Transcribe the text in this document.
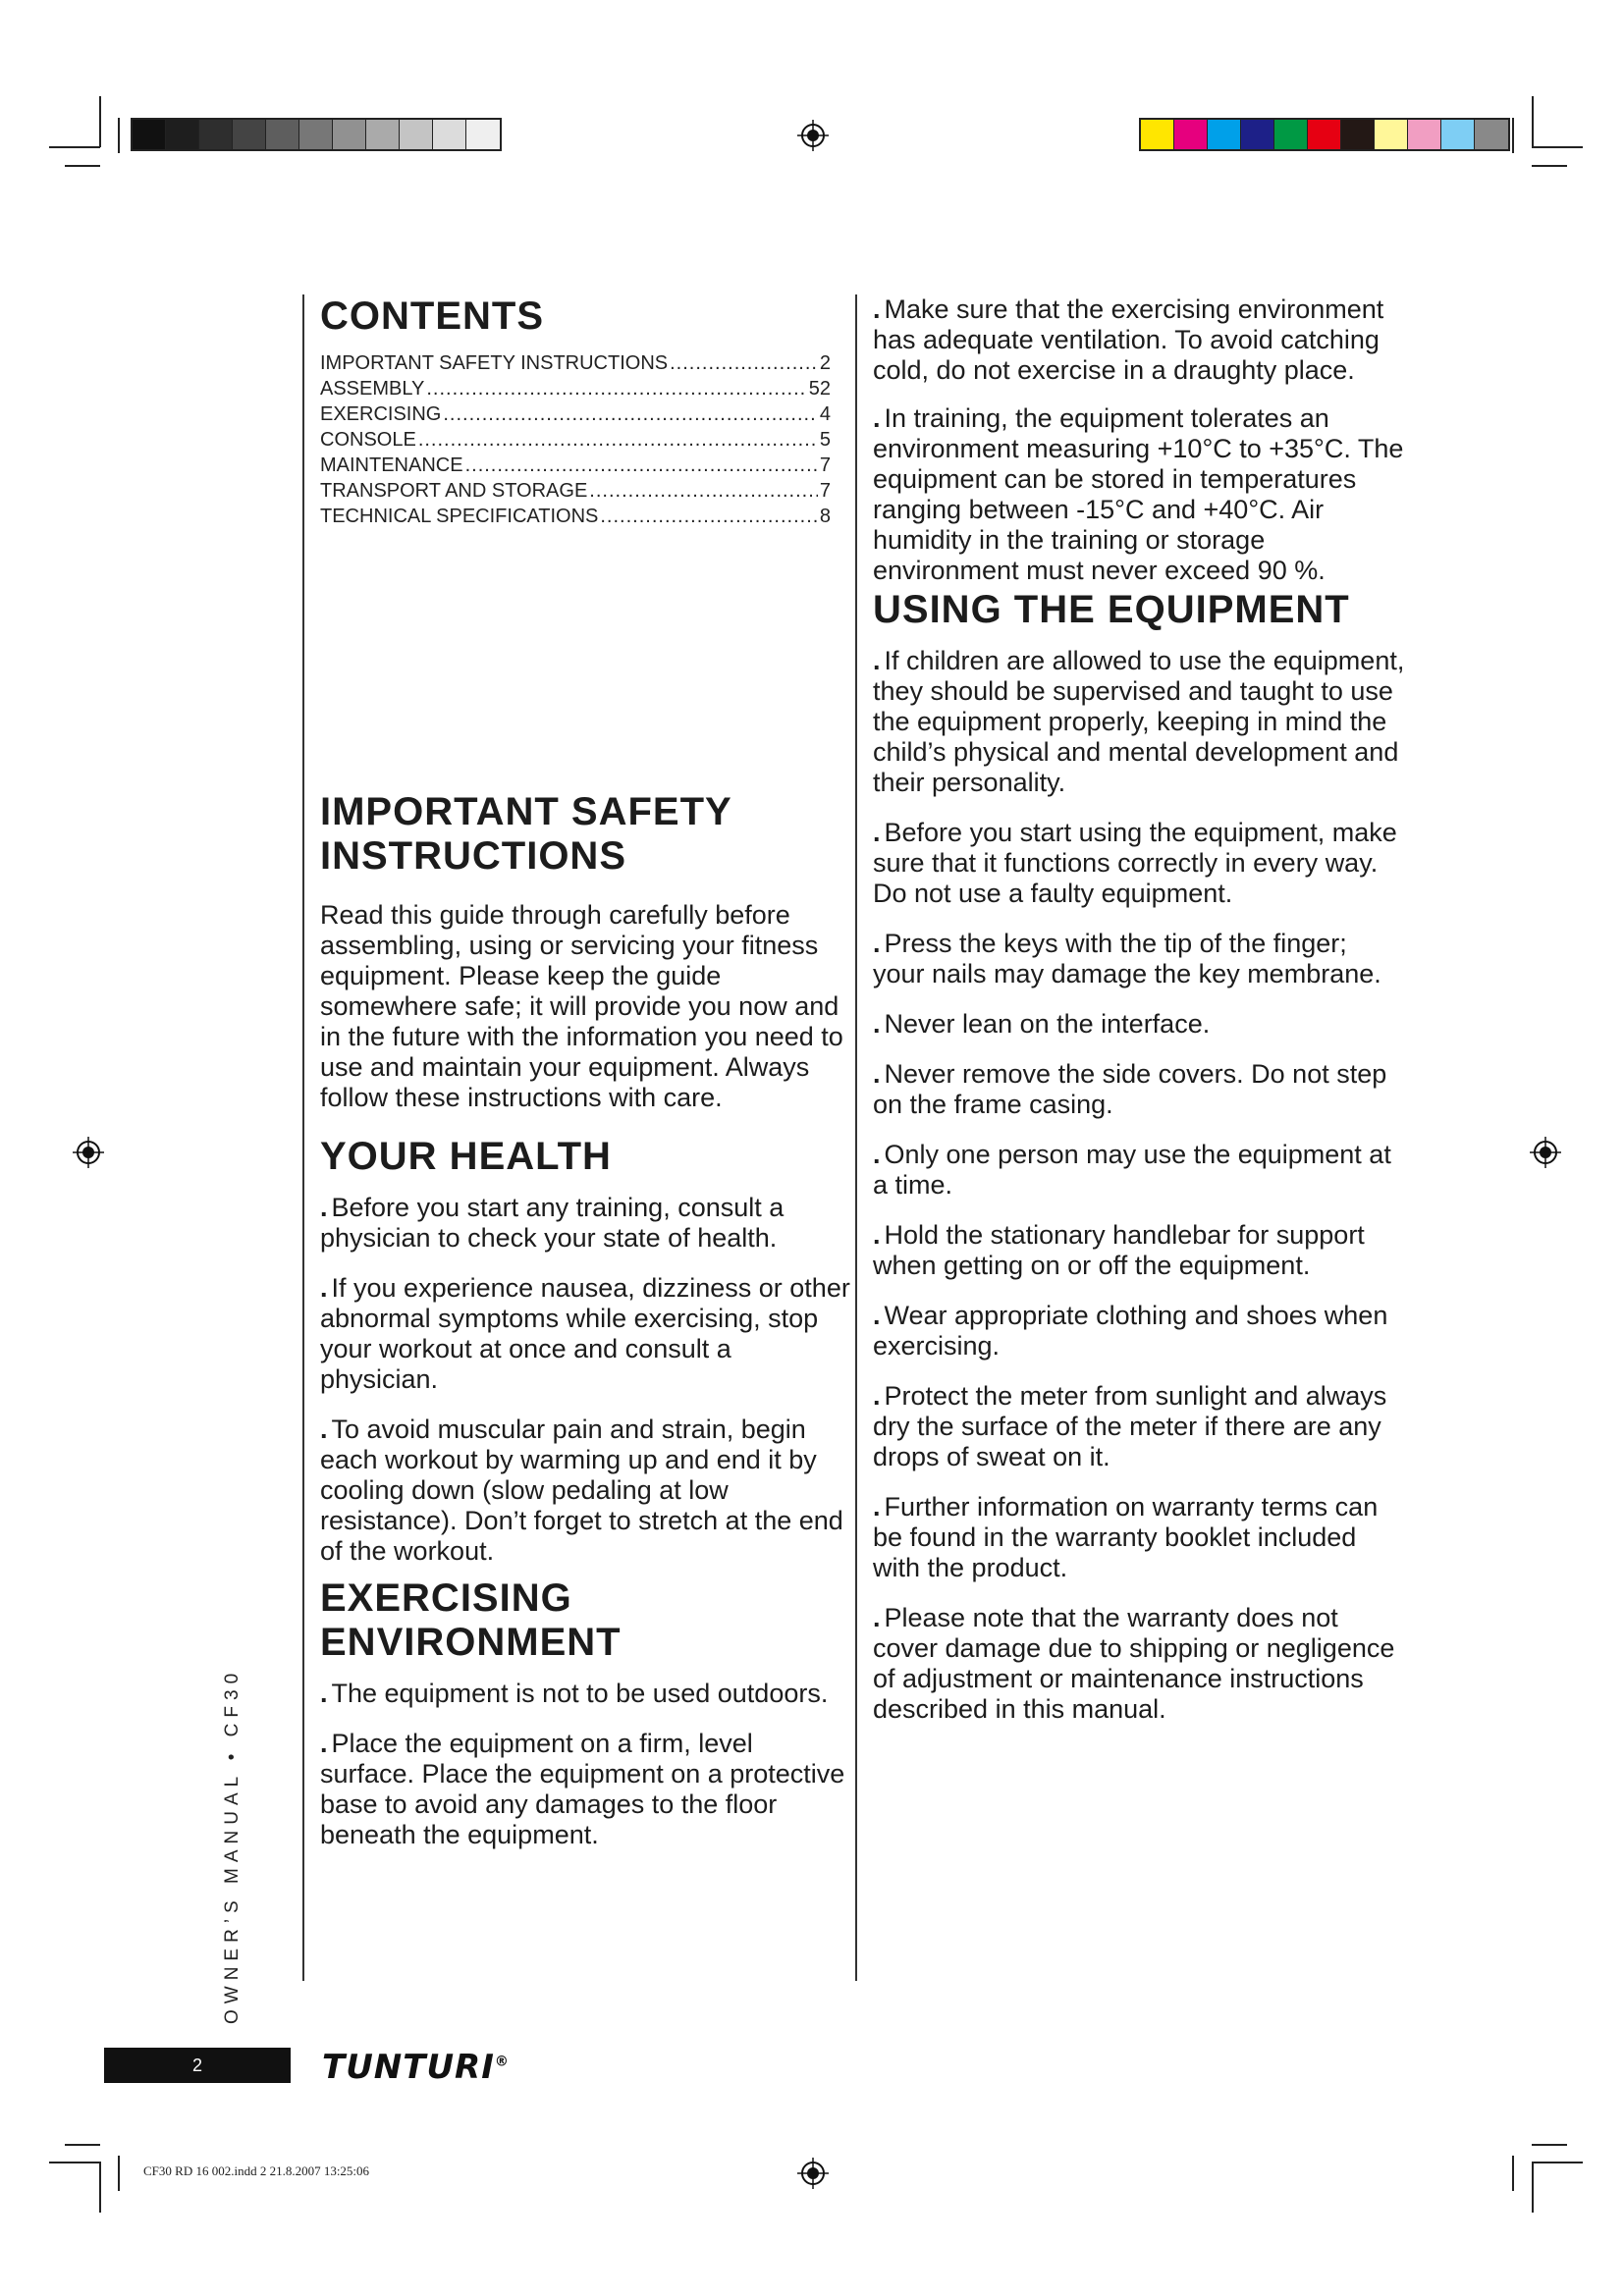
CONTENTS
IMPORTANT SAFETY INSTRUCTIONS .....	2
ASSEMBLY .....	52
EXERCISING .....	4
CONSOLE .....	5
MAINTENANCE .....	7
TRANSPORT AND STORAGE .....	7
TECHNICAL SPECIFICATIONS .....	8
IMPORTANT SAFETY
INSTRUCTIONS

Read this guide through carefully before assembling, using or servicing your fitness equipment. Please keep the guide somewhere safe; it will provide you now and in the future with the information you need to use and maintain your equipment. Always follow these instructions with care.

YOUR HEALTH

. Before you start any training, consult a physician to check your state of health.

. If you experience nausea, dizziness or other abnormal symptoms while exercising, stop your workout at once and consult a physician.

. To avoid muscular pain and strain, begin each workout by warming up and end it by cooling down (slow pedaling at low resistance). Don’t forget to stretch at the end of the workout.

EXERCISING
ENVIRONMENT

. The equipment is not to be used outdoors.

. Place the equipment on a firm, level surface. Place the equipment on a protective base to avoid any damages to the floor beneath the equipment.

. Make sure that the exercising environment has adequate ventilation. To avoid catching cold, do not exercise in a draughty place.

. In training, the equipment tolerates an environment measuring +10°C to +35°C. The equipment can be stored in temperatures ranging between -15°C and +40°C. Air humidity in the training or storage environment must never exceed 90 %.

USING THE EQUIPMENT

. If children are allowed to use the equipment, they should be supervised and taught to use the equipment properly, keeping in mind the child’s physical and mental development and their personality.

. Before you start using the equipment, make sure that it functions correctly in every way. Do not use a faulty equipment.

. Press the keys with the tip of the finger; your nails may damage the key membrane.

. Never lean on the interface.

. Never remove the side covers. Do not step on the frame casing.

. Only one person may use the equipment at a time.

. Hold the stationary handlebar for support when getting on or off the equipment.

. Wear appropriate clothing and shoes when exercising.

. Protect the meter from sunlight and always dry the surface of the meter if there are any drops of sweat on it.

. Further information on warranty terms can be found in the warranty booklet included with the product.

. Please note that the warranty does not cover damage due to shipping or negligence of adjustment or maintenance instructions described in this manual.

OWNER’S MANUAL • CF30
2	TUNTURI®
CF30 RD 16 002.indd 2 21.8.2007 13:25:06
